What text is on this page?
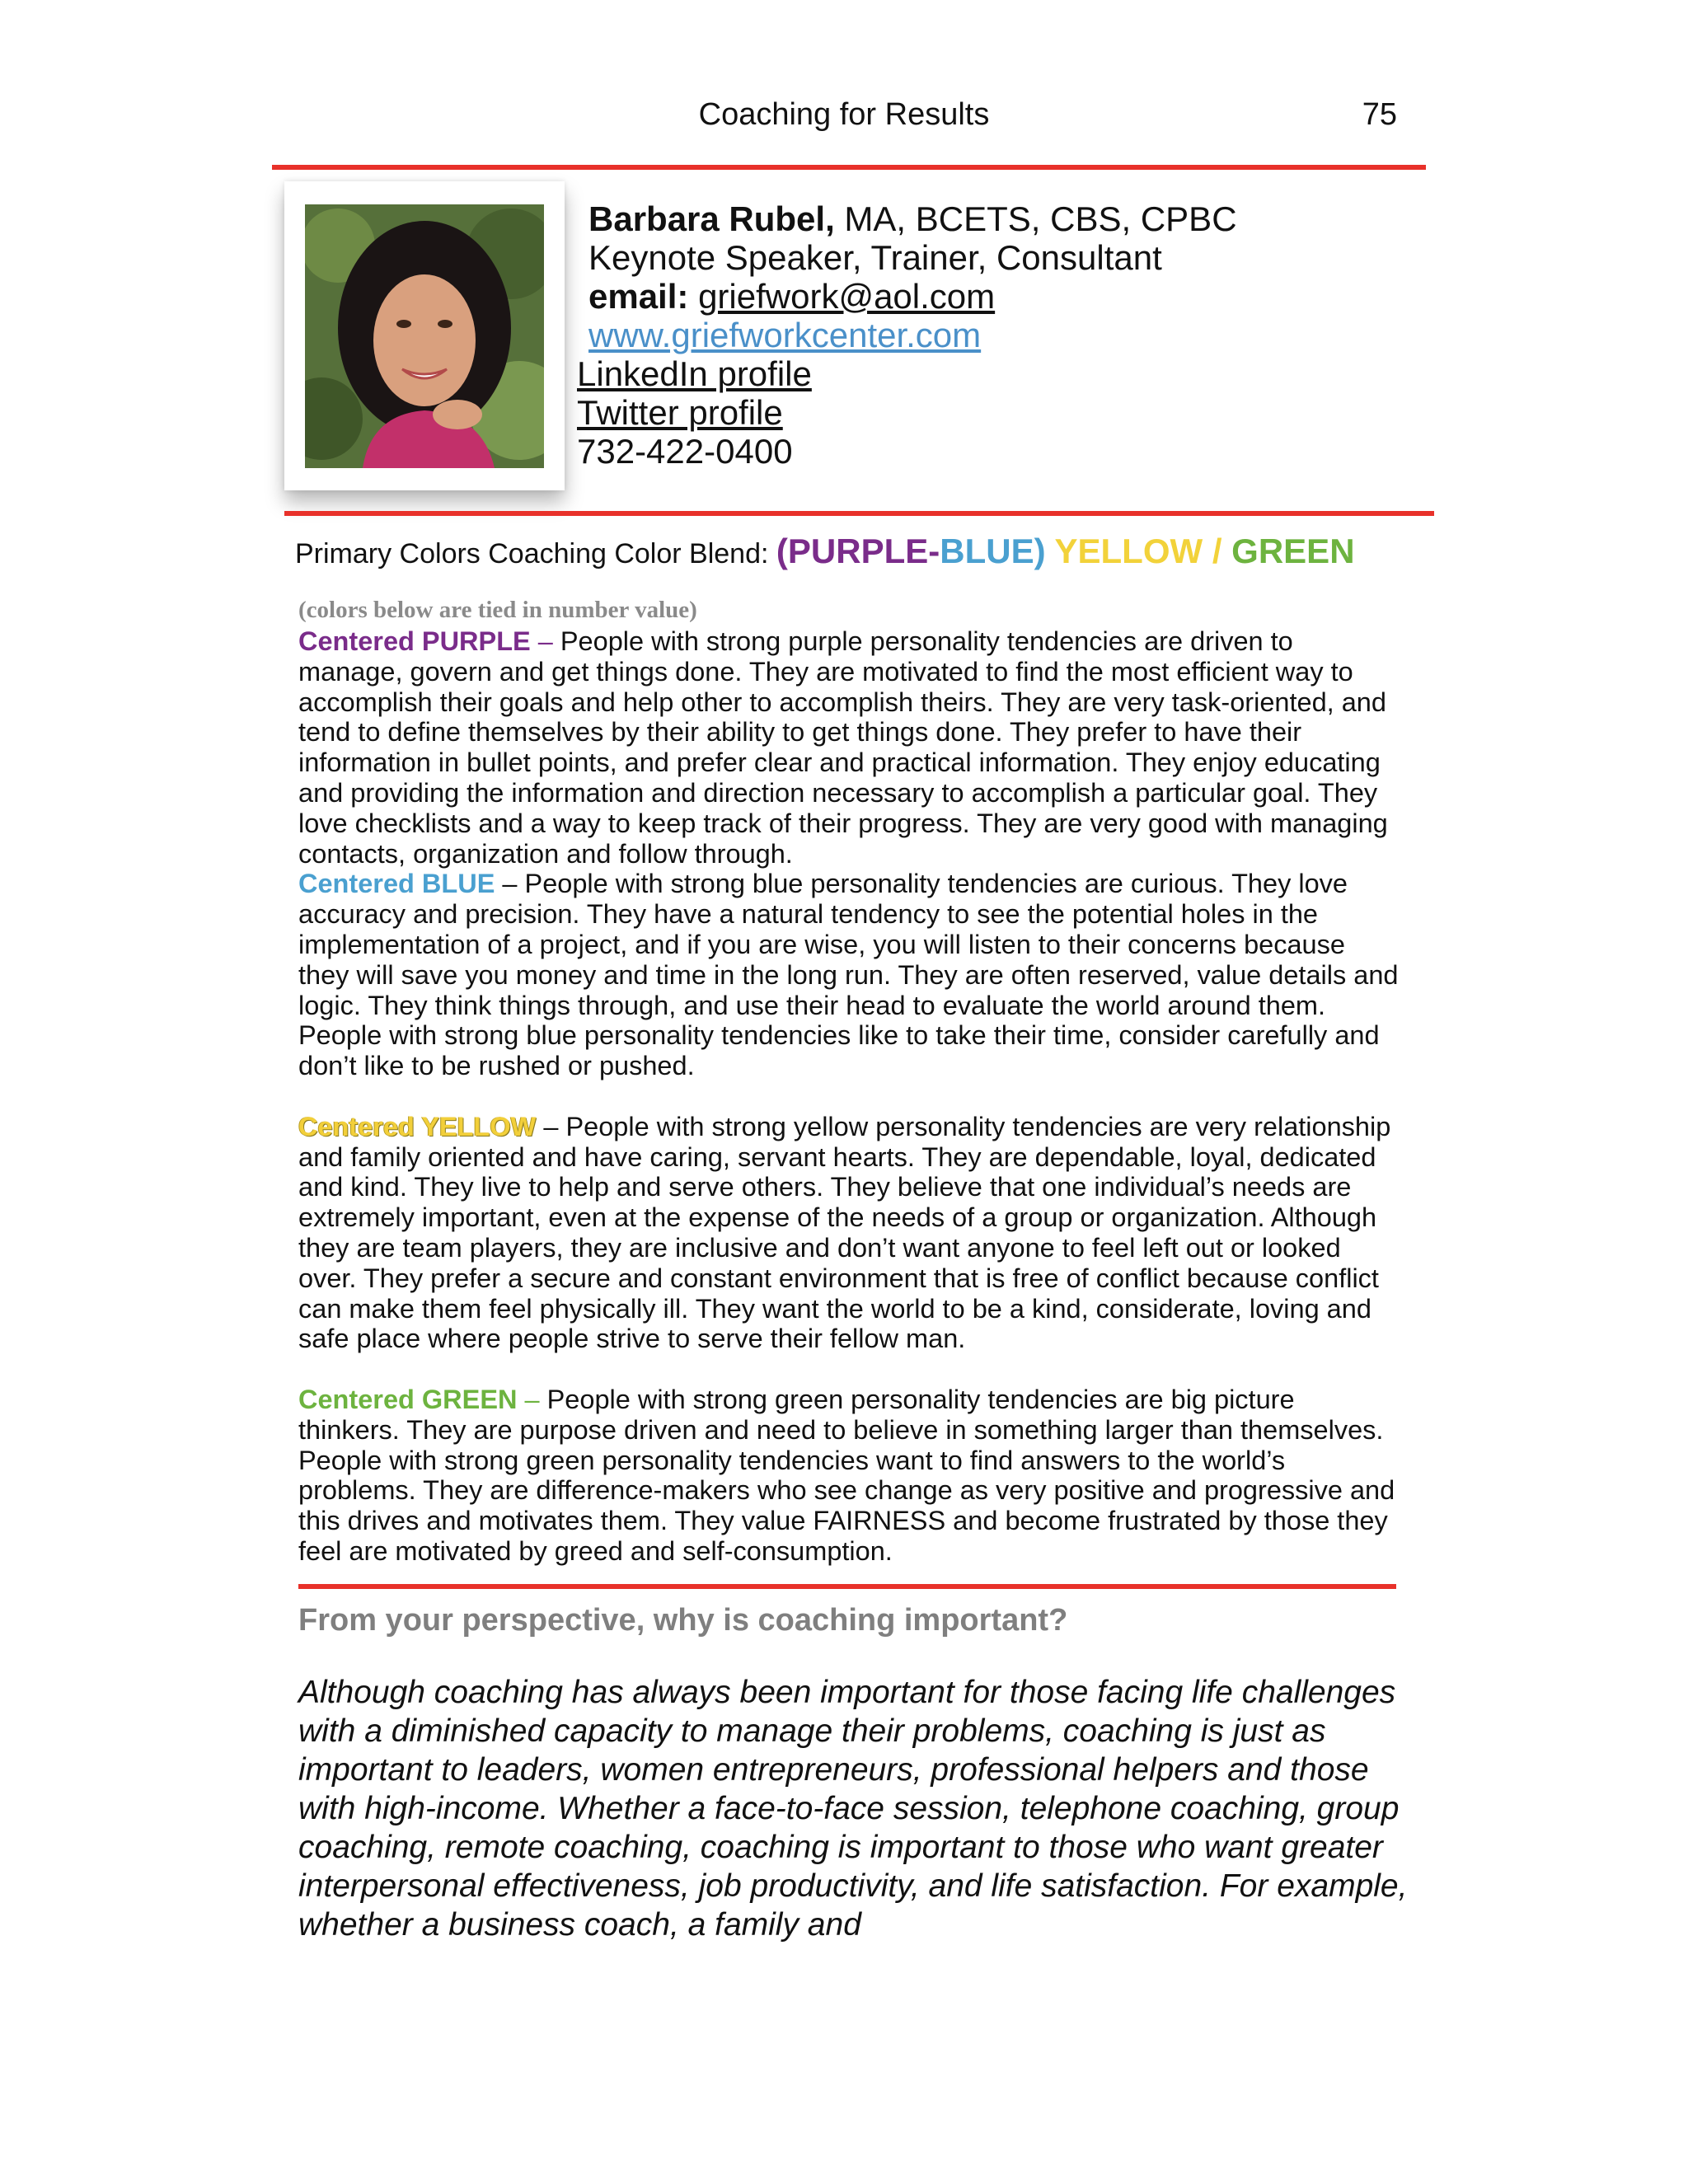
Coaching for Results	75
Barbara Rubel, MA, BCETS, CBS, CPBC
Keynote Speaker, Trainer, Consultant
email: griefwork@aol.com
www.griefworkcenter.com
LinkedIn profile
Twitter profile
732-422-0400
Primary Colors Coaching Color Blend: (PURPLE-BLUE) YELLOW / GREEN
(colors below are tied in number value)

Centered PURPLE – People with strong purple personality tendencies are driven to manage, govern and get things done. They are motivated to find the most efficient way to accomplish their goals and help other to accomplish theirs. They are very task-oriented, and tend to define themselves by their ability to get things done. They prefer to have their information in bullet points, and prefer clear and practical information. They enjoy educating and providing the information and direction necessary to accomplish a particular goal. They love checklists and a way to keep track of their progress. They are very good with managing contacts, organization and follow through.

Centered BLUE – People with strong blue personality tendencies are curious. They love accuracy and precision. They have a natural tendency to see the potential holes in the implementation of a project, and if you are wise, you will listen to their concerns because they will save you money and time in the long run. They are often reserved, value details and logic. They think things through, and use their head to evaluate the world around them. People with strong blue personality tendencies like to take their time, consider carefully and don’t like to be rushed or pushed.

Centered YELLOW – People with strong yellow personality tendencies are very relationship and family oriented and have caring, servant hearts. They are dependable, loyal, dedicated and kind. They live to help and serve others. They believe that one individual’s needs are extremely important, even at the expense of the needs of a group or organization. Although they are team players, they are inclusive and don’t want anyone to feel left out or looked over. They prefer a secure and constant environment that is free of conflict because conflict can make them feel physically ill. They want the world to be a kind, considerate, loving and safe place where people strive to serve their fellow man.

Centered GREEN – People with strong green personality tendencies are big picture thinkers. They are purpose driven and need to believe in something larger than themselves. People with strong green personality tendencies want to find answers to the world’s problems. They are difference-makers who see change as very positive and progressive and this drives and motivates them. They value FAIRNESS and become frustrated by those they feel are motivated by greed and self-consumption.

From your perspective, why is coaching important?
Although coaching has always been important for those facing life challenges with a diminished capacity to manage their problems, coaching is just as important to leaders, women entrepreneurs, professional helpers and those with high-income. Whether a face-to-face session, telephone coaching, group coaching, remote coaching, coaching is important to those who want greater interpersonal effectiveness, job productivity, and life satisfaction. For example, whether a business coach, a family and
